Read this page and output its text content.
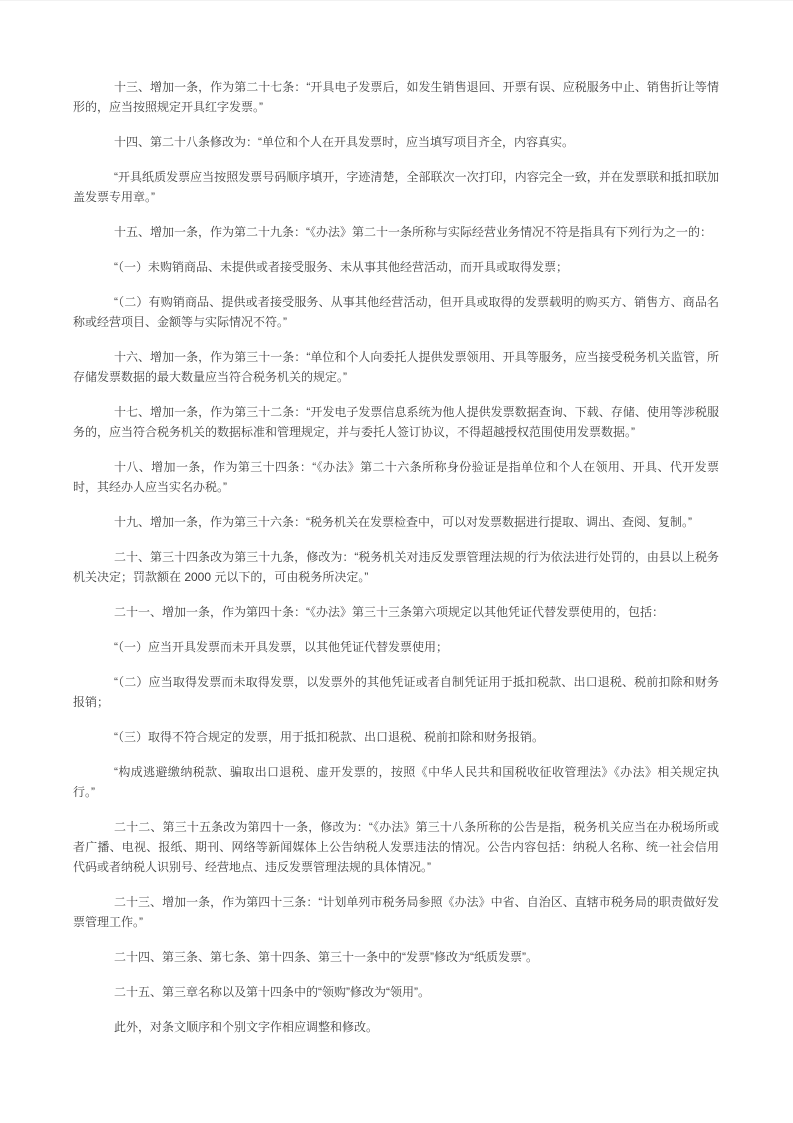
十三、增加一条，作为第二十七条：“开具电子发票后，如发生销售退回、开票有误、应税服务中止、销售折让等情形的，应当按照规定开具红字发票。”

十四、第二十八条修改为：“单位和个人在开具发票时，应当填写项目齐全，内容真实。

“开具纸质发票应当按照发票号码顺序填开，字迹清楚，全部联次一次打印，内容完全一致，并在发票联和抵扣联加盖发票专用章。”

十五、增加一条，作为第二十九条：“《办法》第二十一条所称与实际经营业务情况不符是指具有下列行为之一的：

“（一）未购销商品、未提供或者接受服务、未从事其他经营活动，而开具或取得发票；

“（二）有购销商品、提供或者接受服务、从事其他经营活动，但开具或取得的发票载明的购买方、销售方、商品名称或经营项目、金额等与实际情况不符。”

十六、增加一条，作为第三十一条：“单位和个人向委托人提供发票领用、开具等服务，应当接受税务机关监管，所存储发票数据的最大数量应当符合税务机关的规定。”

十七、增加一条，作为第三十二条：“开发电子发票信息系统为他人提供发票数据查询、下载、存储、使用等涉税服务的，应当符合税务机关的数据标准和管理规定，并与委托人签订协议，不得超越授权范围使用发票数据。”

十八、增加一条，作为第三十四条：“《办法》第二十六条所称身份验证是指单位和个人在领用、开具、代开发票时，其经办人应当实名办税。”

十九、增加一条，作为第三十六条：“税务机关在发票检查中，可以对发票数据进行提取、调出、查阅、复制。”

二十、第三十四条改为第三十九条，修改为：“税务机关对违反发票管理法规的行为依法进行处罚的，由县以上税务机关决定；罚款额在 2000 元以下的，可由税务所决定。”

二十一、增加一条，作为第四十条：“《办法》第三十三条第六项规定以其他凭证代替发票使用的，包括：

“（一）应当开具发票而未开具发票，以其他凭证代替发票使用；

“（二）应当取得发票而未取得发票，以发票外的其他凭证或者自制凭证用于抵扣税款、出口退税、税前扣除和财务报销；

“（三）取得不符合规定的发票，用于抵扣税款、出口退税、税前扣除和财务报销。

“构成逃避缴纳税款、骗取出口退税、虚开发票的，按照《中华人民共和国税收征收管理法》《办法》相关规定执行。”

二十二、第三十五条改为第四十一条，修改为：“《办法》第三十八条所称的公告是指，税务机关应当在办税场所或者广播、电视、报纸、期刊、网络等新闻媒体上公告纳税人发票违法的情况。公告内容包括：纳税人名称、统一社会信用代码或者纳税人识别号、经营地点、违反发票管理法规的具体情况。”

二十三、增加一条，作为第四十三条：“计划单列市税务局参照《办法》中省、自治区、直辖市税务局的职责做好发票管理工作。”

二十四、第三条、第七条、第十四条、第三十一条中的“发票”修改为“纸质发票”。

二十五、第三章名称以及第十四条中的“领购”修改为“领用”。

此外，对条文顺序和个别文字作相应调整和修改。
